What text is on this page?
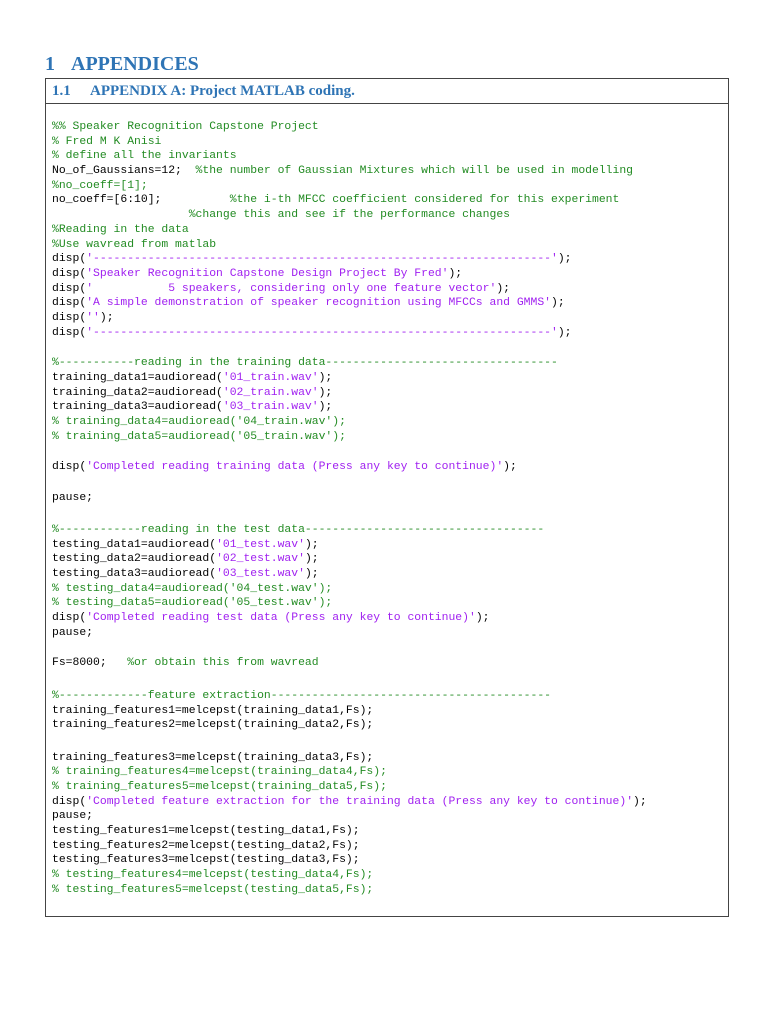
1 APPENDICES
1.1 APPENDIX A: Project MATLAB coding.
%% Speaker Recognition Capstone Project
% Fred M K Anisi
% define all the invariants
No_of_Gaussians=12;  %the number of Gaussian Mixtures which will be used in modelling
%no_coeff=[1];
no_coeff=[6:10];          %the i-th MFCC coefficient considered for this experiment
%change this and see if the performance changes
%Reading in the data
%Use wavread from matlab
disp('-------------------------------------------------------------------');
disp('Speaker Recognition Capstone Design Project By Fred');
disp('           5 speakers, considering only one feature vector');
disp('A simple demonstration of speaker recognition using MFCCs and GMMS');
disp('');
disp('-------------------------------------------------------------------');
%-----------reading in the training data----------------------------------
training_data1=audioread('01_train.wav');
training_data2=audioread('02_train.wav');
training_data3=audioread('03_train.wav');
% training_data4=audioread('04_train.wav');
% training_data5=audioread('05_train.wav');
disp('Completed reading training data (Press any key to continue)');
pause;
%------------reading in the test data-----------------------------------
testing_data1=audioread('01_test.wav');
testing_data2=audioread('02_test.wav');
testing_data3=audioread('03_test.wav');
% testing_data4=audioread('04_test.wav');
% testing_data5=audioread('05_test.wav');
disp('Completed reading test data (Press any key to continue)');
pause;
Fs=8000;   %or obtain this from wavread
%-------------feature extraction-----------------------------------------
training_features1=melcepst(training_data1,Fs);
training_features2=melcepst(training_data2,Fs);
training_features3=melcepst(training_data3,Fs);
% training_features4=melcepst(training_data4,Fs);
% training_features5=melcepst(training_data5,Fs);
disp('Completed feature extraction for the training data (Press any key to continue)');
pause;
testing_features1=melcepst(testing_data1,Fs);
testing_features2=melcepst(testing_data2,Fs);
testing_features3=melcepst(testing_data3,Fs);
% testing_features4=melcepst(testing_data4,Fs);
% testing_features5=melcepst(testing_data5,Fs);
